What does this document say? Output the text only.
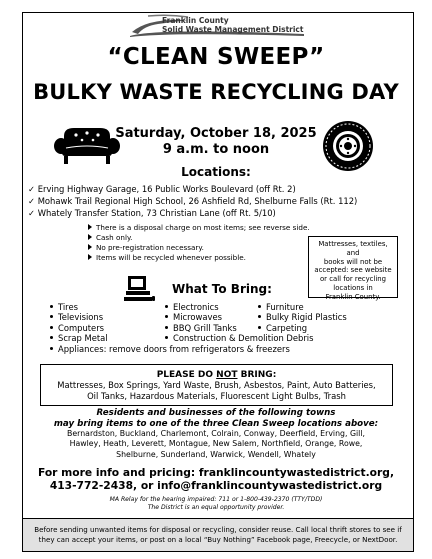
Franklin County
Solid Waste Management District
“CLEAN SWEEP”
BULKY WASTE RECYCLING DAY
Saturday, October 18, 2025
9 a.m. to noon
Locations:
✓ Erving Highway Garage, 16 Public Works Boulevard (off Rt. 2)
✓ Mohawk Trail Regional High School, 26 Ashfield Rd, Shelburne Falls (Rt. 112)
✓ Whately Transfer Station, 73 Christian Lane (off Rt. 5/10)
There is a disposal charge on most items; see reverse side.
Cash only.
No pre-registration necessary.
Items will be recycled whenever possible.
Mattresses, textiles, and
books will not be
accepted: see website
or call for recycling
locations in
Franklin County.
What To Bring:
Tires
Televisions
Computers
Scrap Metal
Electronics
Microwaves
BBQ Grill Tanks
Construction & Demolition Debris
Furniture
Bulky Rigid Plastics
Carpeting
Appliances: remove doors from refrigerators & freezers
PLEASE DO NOT BRING:
Mattresses, Box Springs, Yard Waste, Brush, Asbestos, Paint, Auto Batteries,
Oil Tanks, Hazardous Materials, Fluorescent Light Bulbs, Trash
Residents and businesses of the following towns
may bring items to one of the three Clean Sweep locations above:
Bernardston, Buckland, Charlemont, Colrain, Conway, Deerfield, Erving, Gill,
Hawley, Heath, Leverett, Montague, New Salem, Northfield, Orange, Rowe,
Shelburne, Sunderland, Warwick, Wendell, Whately
For more info and pricing: franklincountywastedistrict.org,
413-772-2438, or info@franklincountywastedistrict.org
MA Relay for the hearing impaired: 711 or 1-800-439-2370 (TTY/TDD)
The District is an equal opportunity provider.
Before sending unwanted items for disposal or recycling, consider reuse. Call local thrift stores to see if
they can accept your items, or post on a local “Buy Nothing” Facebook page, Freecycle, or NextDoor.
